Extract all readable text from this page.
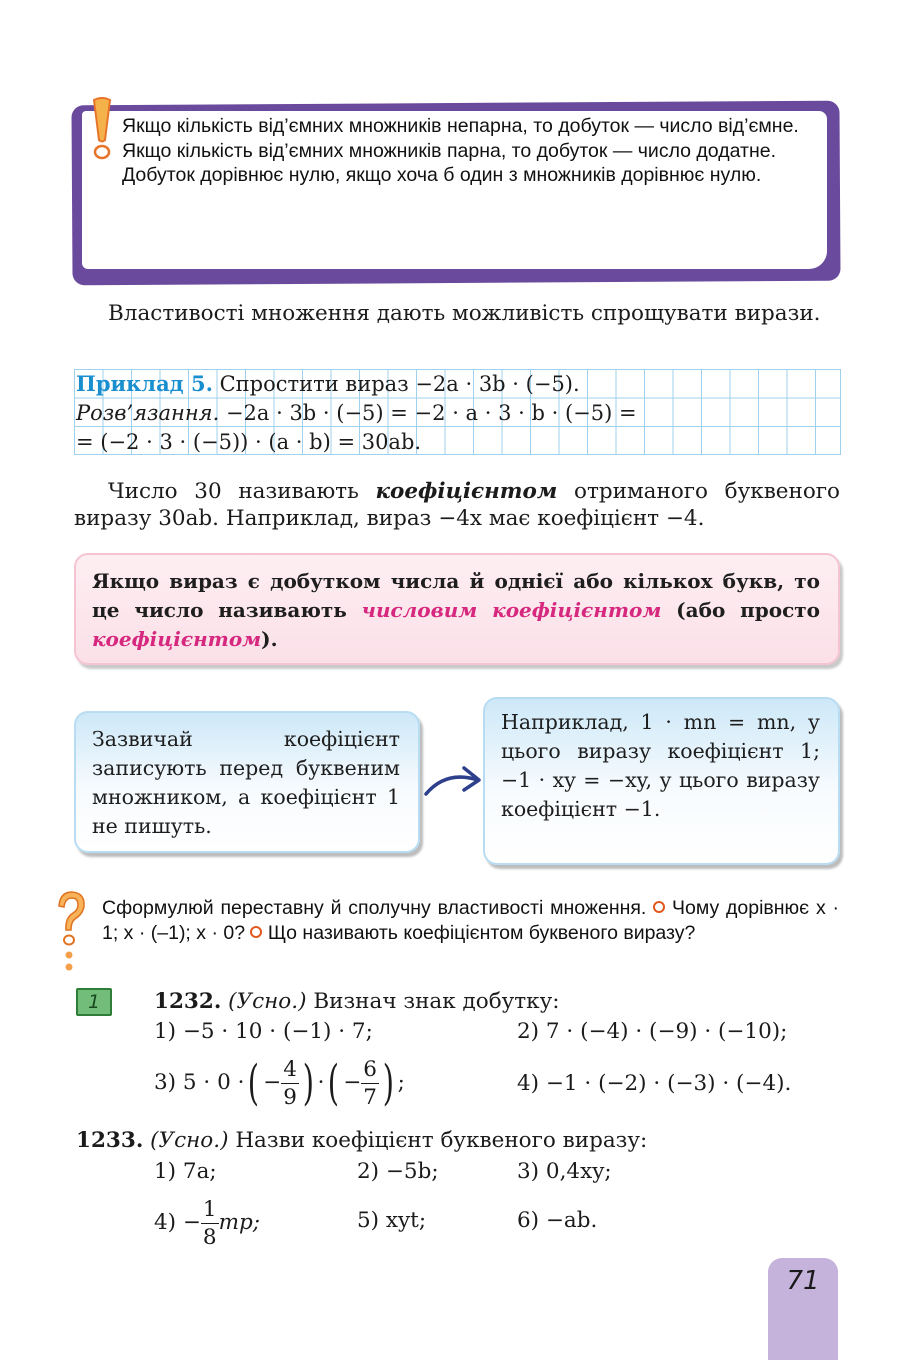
Якщо кількість від’ємних множників непарна, то добуток — число від’ємне.

Якщо кількість від’ємних множників парна, то добуток — число додатне.

Добуток дорівнює нулю, якщо хоча б один з множників дорівнює нулю.

Властивості множення дають можливість спрощувати вирази.

Приклад 5. Спростити вираз −2a · 3b · (−5).
Розв’язання. −2a · 3b · (−5) = −2 · a · 3 · b · (−5) =
= (−2 · 3 · (−5)) · (a · b) = 30ab.

Число 30 називають коефіцієнтом отриманого буквеного виразу 30ab. Наприклад, вираз −4x має коефіцієнт −4.

Якщо вираз є добутком числа й однієї або кількох букв, то це число називають числовим коефіцієнтом (або просто коефіцієнтом).

Зазвичай коефіцієнт записують перед буквеним множником, а коефіцієнт 1 не пишуть.

Наприклад, 1 · mn = mn, у цього виразу коефіцієнт 1; −1 · xy = −xy, у цього виразу коефіцієнт −1.

Сформулюй переставну й сполучну властивості множення. Чому дорівнює x · 1; x · (–1); x · 0? Що називають коефіцієнтом буквеного виразу?
1	1232. (Усно.) Визнач знак добутку:
1) −5 · 10 · (−1) · 7;	2) 7 · (−4) · (−9) · (−10);
3) 5 · 0 · ( − $\frac{4}{9}$ ) · ( − $\frac{6}{7}$ ) ;	4) −1 · (−2) · (−3) · (−4).
1233. (Усно.) Назви коефіцієнт буквеного виразу:
1) 7a;	2) −5b;	3) 0,4xy;
$4) - \frac{1}{8}$ mp;	5) xyt;	6) −ab.
71
